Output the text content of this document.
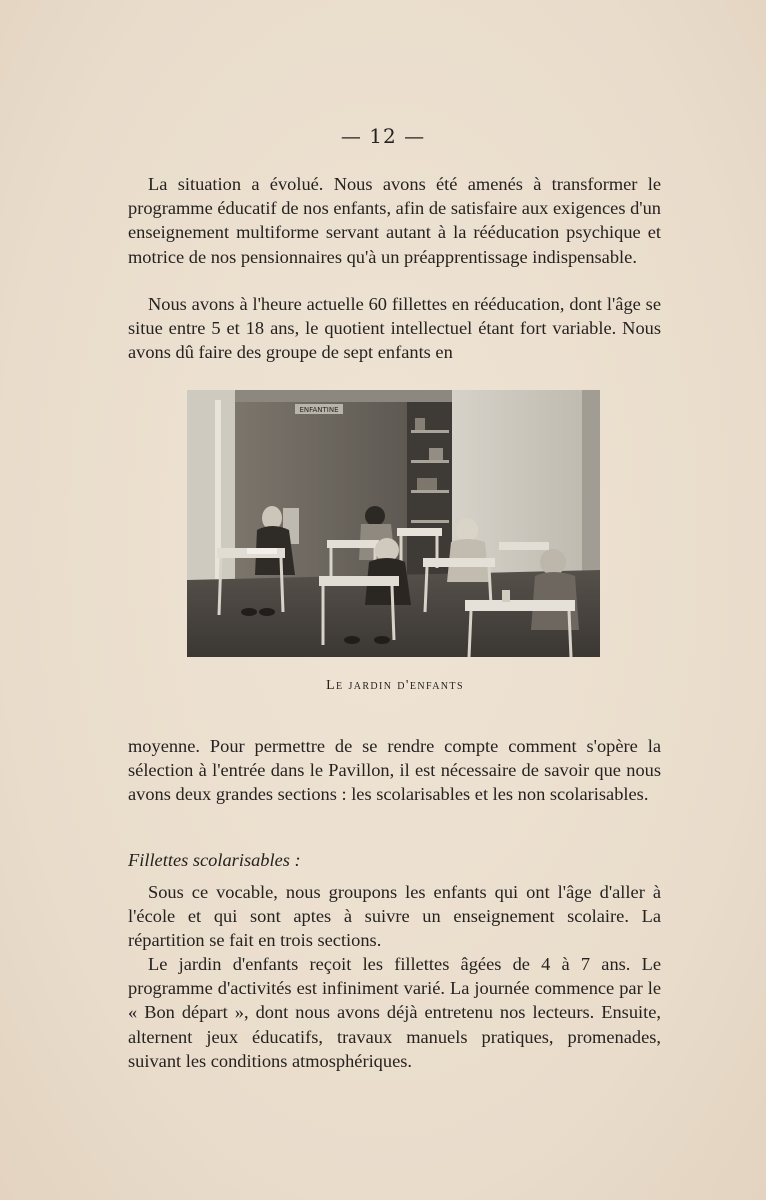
— 12 —

La situation a évolué. Nous avons été amenés à transformer le programme éducatif de nos enfants, afin de satisfaire aux exigences d'un enseignement multiforme servant autant à la rééducation psychique et motrice de nos pensionnaires qu'à un préapprentissage indispensable.

Nous avons à l'heure actuelle 60 fillettes en rééducation, dont l'âge se situe entre 5 et 18 ans, le quotient intellectuel étant fort variable. Nous avons dû faire des groupe de sept enfants en

ENFANTINE
Le jardin d'enfants

moyenne. Pour permettre de se rendre compte comment s'opère la sélection à l'entrée dans le Pavillon, il est nécessaire de savoir que nous avons deux grandes sections : les scolarisables et les non scolarisables.

Fillettes scolarisables :

Sous ce vocable, nous groupons les enfants qui ont l'âge d'aller à l'école et qui sont aptes à suivre un enseignement scolaire. La répartition se fait en trois sections.

Le jardin d'enfants reçoit les fillettes âgées de 4 à 7 ans. Le programme d'activités est infiniment varié. La journée commence par le « Bon départ », dont nous avons déjà entretenu nos lecteurs. Ensuite, alternent jeux éducatifs, travaux manuels pratiques, promenades, suivant les conditions atmosphériques.
